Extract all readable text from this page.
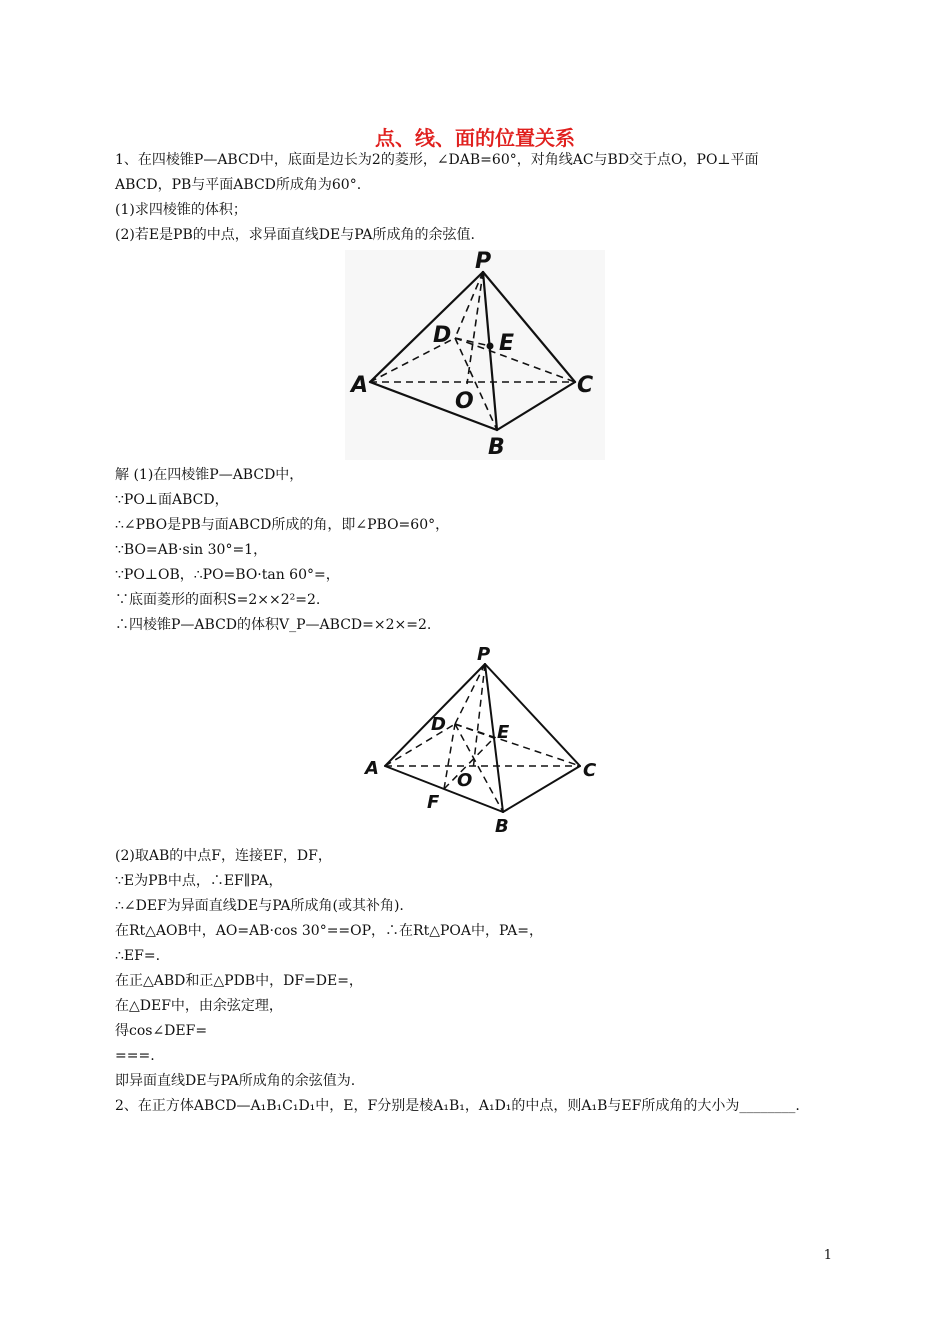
点、线、面的位置关系
1、在四棱锥P—ABCD中，底面是边长为2的菱形，∠DAB=60°，对角线AC与BD交于点O，PO⊥平面
ABCD，PB与平面ABCD所成角为60°.
(1)求四棱锥的体积；
(2)若E是PB的中点，求异面直线DE与PA所成角的余弦值.
P
D E
A
O
C
B
解 (1)在四棱锥P—ABCD中，
∵PO⊥面ABCD，
∴∠PBO是PB与面ABCD所成的角，即∠PBO=60°，
∵BO=AB·sin 30°=1，
∵PO⊥OB，∴PO=BO·tan 60°=，
∵底面菱形的面积S=2××2²=2.
∴四棱锥P—ABCD的体积V_P—ABCD=×2×=2.
P
D	E
A
O	C
F
B
(2)取AB的中点F，连接EF，DF，
∵E为PB中点，∴EF∥PA，
∴∠DEF为异面直线DE与PA所成角(或其补角).
在Rt△AOB中，AO=AB·cos 30°==OP，∴在Rt△POA中，PA=，
∴EF=.
在正△ABD和正△PDB中，DF=DE=，
在△DEF中，由余弦定理，
得cos∠DEF=
===.
即异面直线DE与PA所成角的余弦值为.
2、在正方体ABCD—A₁B₁C₁D₁中，E，F分别是棱A₁B₁，A₁D₁的中点，则A₁B与EF所成角的大小为________.
1
